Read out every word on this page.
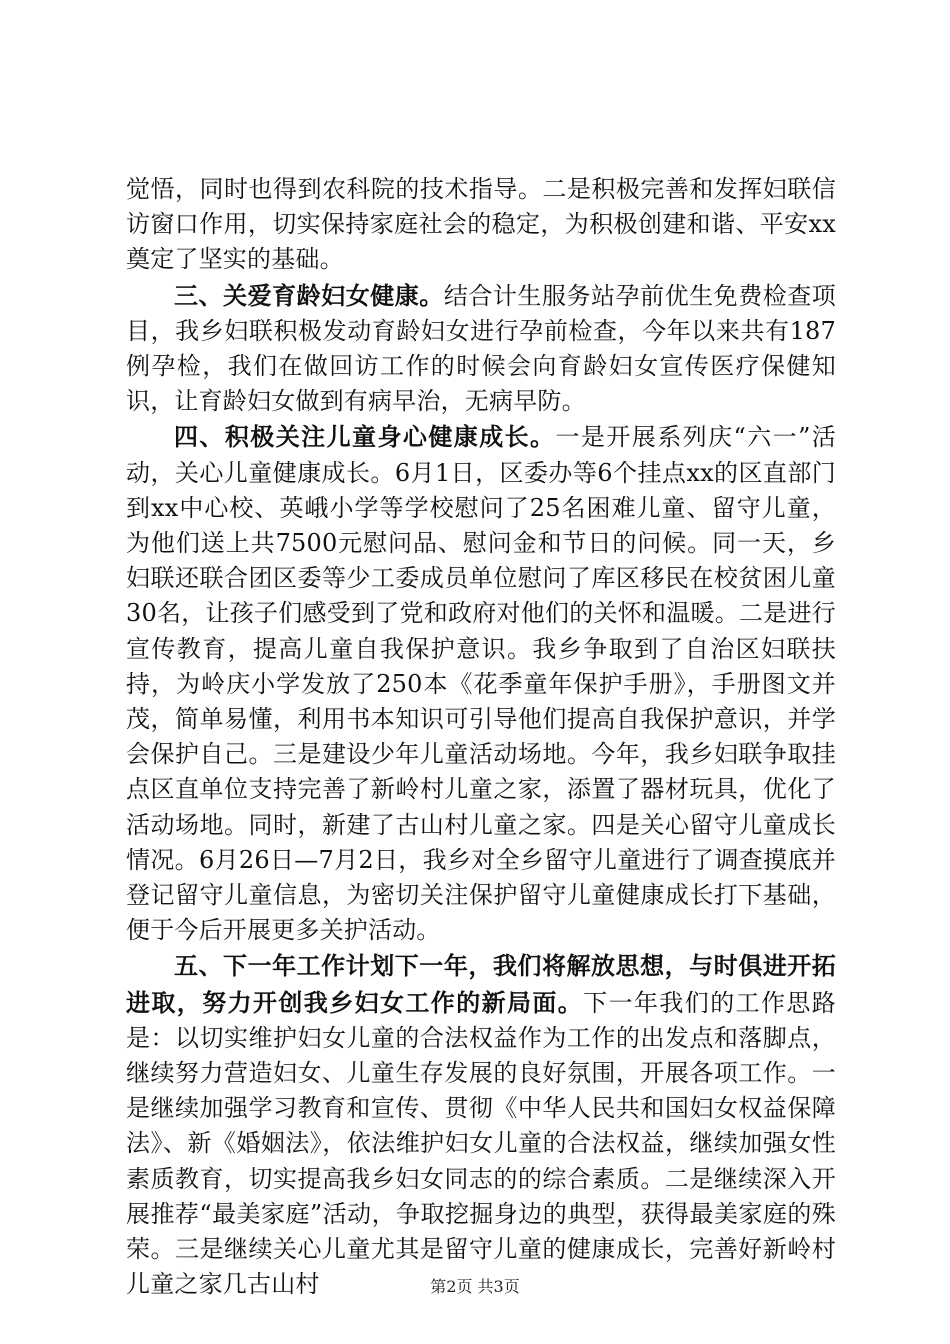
觉悟，同时也得到农科院的技术指导。二是积极完善和发挥妇联信访窗口作用，切实保持家庭社会的稳定，为积极创建和谐、平安xx奠定了坚实的基础。

三、关爱育龄妇女健康。结合计生服务站孕前优生免费检查项目，我乡妇联积极发动育龄妇女进行孕前检查，今年以来共有187例孕检，我们在做回访工作的时候会向育龄妇女宣传医疗保健知识，让育龄妇女做到有病早治，无病早防。

四、积极关注儿童身心健康成长。一是开展系列庆“六一”活动，关心儿童健康成长。6月1日，区委办等6个挂点xx的区直部门到xx中心校、英峨小学等学校慰问了25名困难儿童、留守儿童，为他们送上共7500元慰问品、慰问金和节日的问候。同一天，乡妇联还联合团区委等少工委成员单位慰问了库区移民在校贫困儿童30名，让孩子们感受到了党和政府对他们的关怀和温暖。二是进行宣传教育，提高儿童自我保护意识。我乡争取到了自治区妇联扶持，为岭庆小学发放了250本《花季童年保护手册》，手册图文并茂，简单易懂，利用书本知识可引导他们提高自我保护意识，并学会保护自己。三是建设少年儿童活动场地。今年，我乡妇联争取挂点区直单位支持完善了新岭村儿童之家，添置了器材玩具，优化了活动场地。同时，新建了古山村儿童之家。四是关心留守儿童成长情况。6月26日—7月2日，我乡对全乡留守儿童进行了调查摸底并登记留守儿童信息，为密切关注保护留守儿童健康成长打下基础，便于今后开展更多关护活动。

五、下一年工作计划下一年，我们将解放思想，与时俱进开拓进取，努力开创我乡妇女工作的新局面。下一年我们的工作思路是：以切实维护妇女儿童的合法权益作为工作的出发点和落脚点，继续努力营造妇女、儿童生存发展的良好氛围，开展各项工作。一是继续加强学习教育和宣传、贯彻《中华人民共和国妇女权益保障法》、新《婚姻法》，依法维护妇女儿童的合法权益，继续加强女性素质教育，切实提高我乡妇女同志的的综合素质。二是继续深入开展推荐“最美家庭”活动，争取挖掘身边的典型，获得最美家庭的殊荣。三是继续关心儿童尤其是留守儿童的健康成长，完善好新岭村儿童之家几古山村	第2页 共3页
